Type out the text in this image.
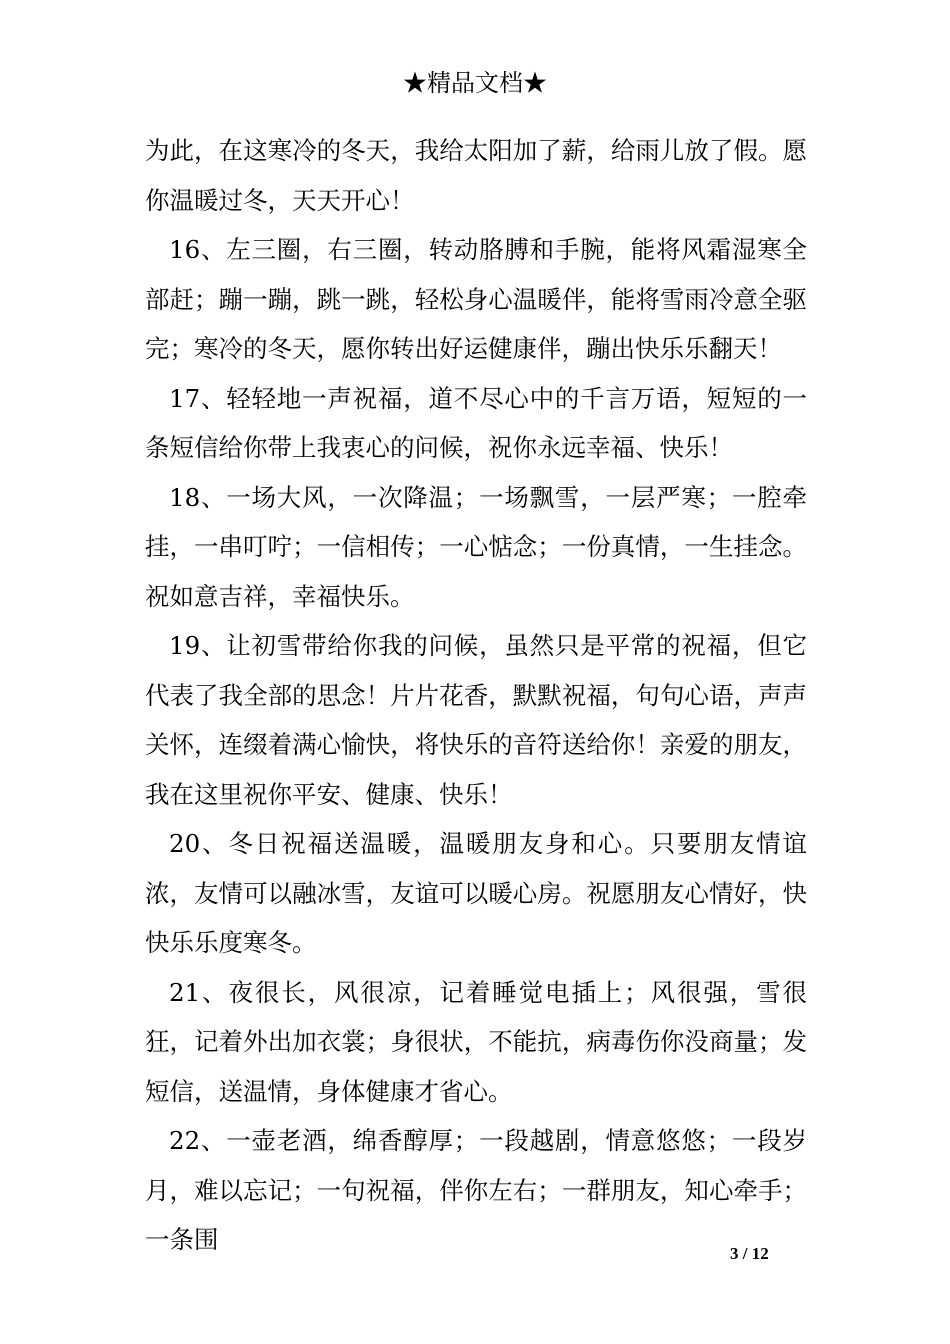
★精品文档★

为此，在这寒冷的冬天，我给太阳加了薪，给雨儿放了假。愿你温暖过冬，天天开心！

16、左三圈，右三圈，转动胳膊和手腕，能将风霜湿寒全部赶；蹦一蹦，跳一跳，轻松身心温暖伴，能将雪雨冷意全驱完；寒冷的冬天，愿你转出好运健康伴，蹦出快乐乐翻天！

17、轻轻地一声祝福，道不尽心中的千言万语，短短的一条短信给你带上我衷心的问候，祝你永远幸福、快乐！

18、一场大风，一次降温；一场飘雪，一层严寒；一腔牵挂，一串叮咛；一信相传；一心惦念；一份真情，一生挂念。祝如意吉祥，幸福快乐。

19、让初雪带给你我的问候，虽然只是平常的祝福，但它代表了我全部的思念！片片花香，默默祝福，句句心语，声声关怀，连缀着满心愉快，将快乐的音符送给你！亲爱的朋友，我在这里祝你平安、健康、快乐！

20、冬日祝福送温暖，温暖朋友身和心。只要朋友情谊浓，友情可以融冰雪，友谊可以暖心房。祝愿朋友心情好，快快乐乐度寒冬。

21、夜很长，风很凉，记着睡觉电插上；风很强，雪很狂，记着外出加衣裳；身很状，不能抗，病毒伤你没商量；发短信，送温情，身体健康才省心。

22、一壶老酒，绵香醇厚；一段越剧，情意悠悠；一段岁月，难以忘记；一句祝福，伴你左右；一群朋友，知心牵手；一条围	3 / 12
